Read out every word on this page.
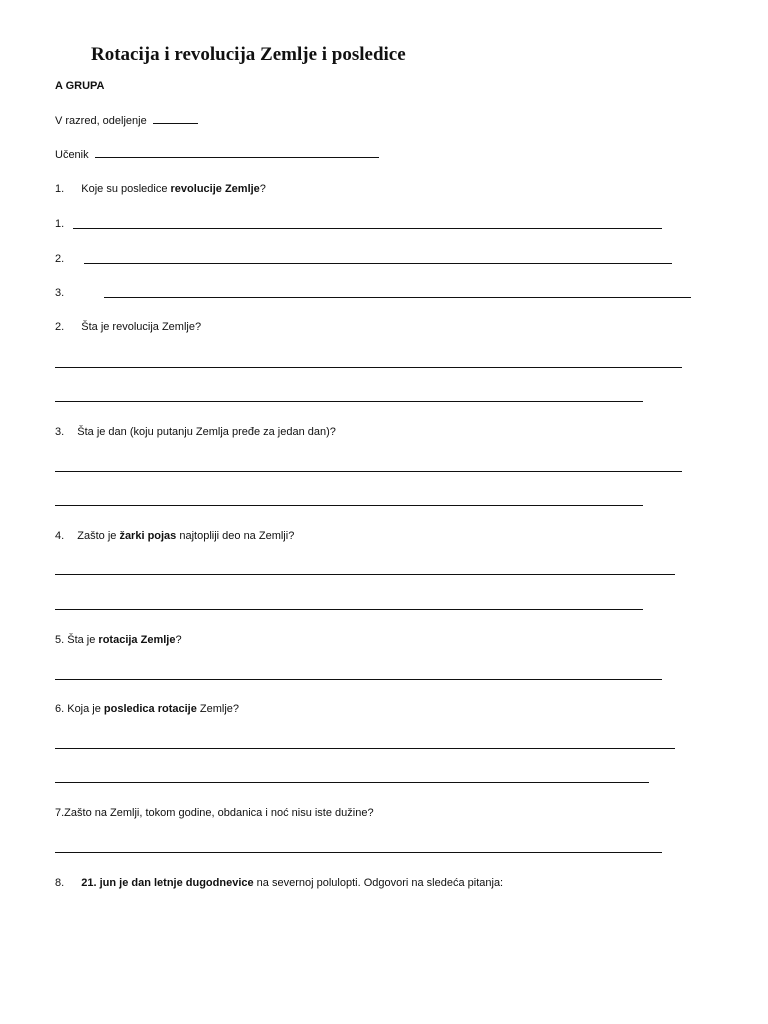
Rotacija i revolucija Zemlje i posledice
A GRUPA
V razred, odeljenje
Učenik
1. Koje su posledice revolucije Zemlje?
1.
2.
3.
2. Šta je revolucija Zemlje?
3. Šta je dan (koju putanju Zemlja pređe za jedan dan)?
4. Zašto je žarki pojas najtopliji deo na Zemlji?
5. Šta je rotacija Zemlje?
6. Koja je posledica rotacije Zemlje?
7.Zašto na Zemlji, tokom godine, obdanica i noć nisu iste dužine?
8. 21. jun je dan letnje dugodnevice na severnoj polulopti. Odgovori na sledeća pitanja:
